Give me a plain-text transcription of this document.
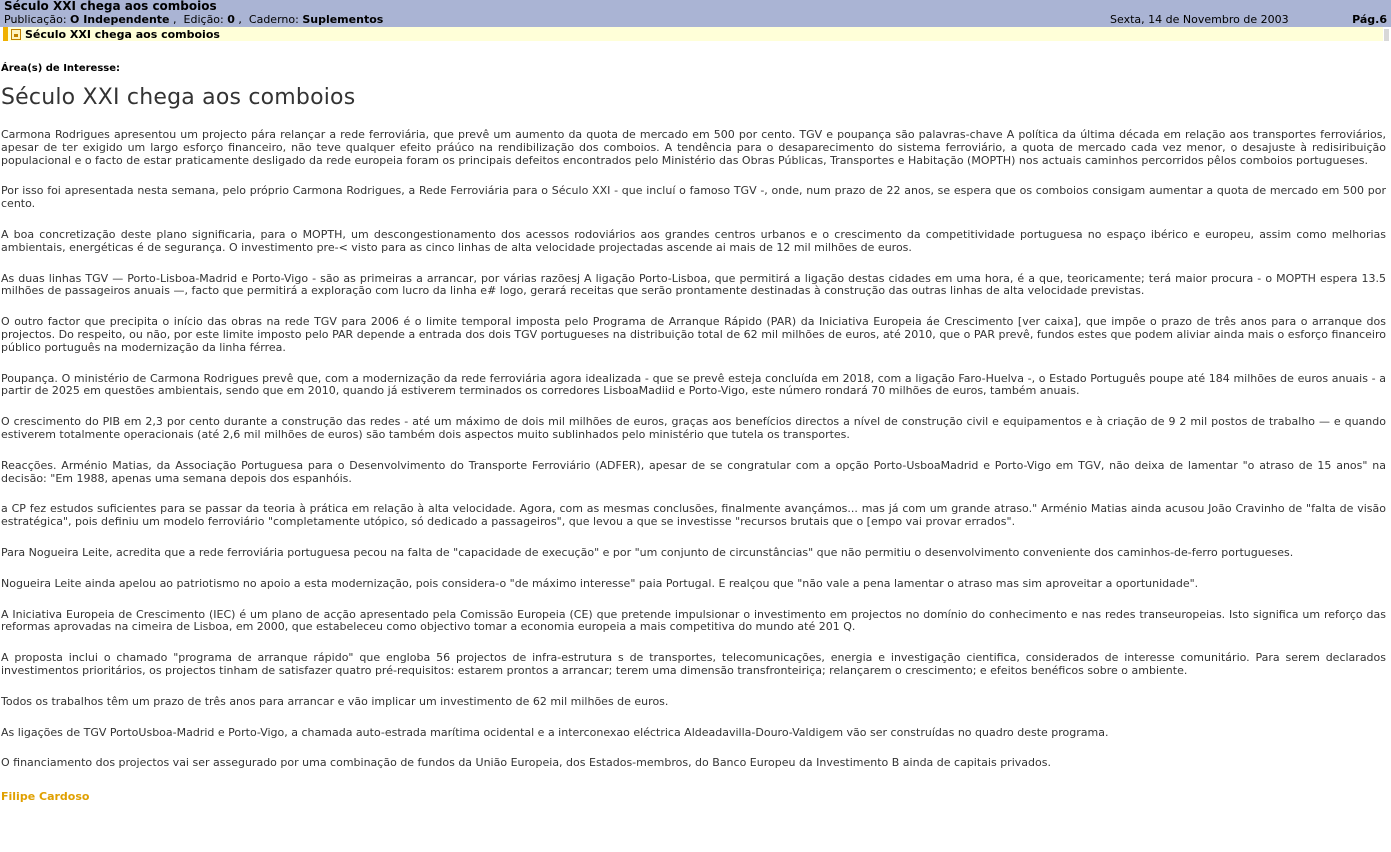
Século XXI chega aos comboios
Publicação: O Independente ,  Edição: 0 ,  Caderno: Suplementos	Sexta, 14 de Novembro de 2003	Pág.6
Século XXI chega aos comboios
Área(s) de Interesse:
Século XXI chega aos comboios

Carmona Rodrigues apresentou um projecto pára relançar a rede ferroviária, que prevê um aumento da quota de mercado em 500 por cento. TGV e poupança são palavras-chave A política da última década em relação aos transportes ferroviários, apesar de ter exigido um largo esforço financeiro, não teve qualquer efeito práúco na rendibilização dos comboios. A tendência para o desaparecimento do sistema ferroviário, a quota de mercado cada vez menor, o desajuste à redisiribuição populacional e o facto de estar praticamente desligado da rede europeia foram os principais defeitos encontrados pelo Ministério das Obras Públicas, Transportes e Habitação (MOPTH) nos actuais caminhos percorridos pêlos comboios portugueses.

Por isso foi apresentada nesta semana, pelo próprio Carmona Rodrigues, a Rede Ferroviária para o Século XXI - que incluí o famoso TGV -, onde, num prazo de 22 anos, se espera que os comboios consigam aumentar a quota de mercado em 500 por cento.

A boa concretização deste plano significaria, para o MOPTH, um descongestionamento dos acessos rodoviários aos grandes centros urbanos e o crescimento da competitividade portuguesa no espaço ibérico e europeu, assim como melhorias ambientais, energéticas é de segurança. O investimento pre-< visto para as cinco linhas de alta velocidade projectadas ascende ai mais de 12 mil milhões de euros.

As duas linhas TGV — Porto-Lisboa-Madrid e Porto-Vigo - são as primeiras a arrancar, por várias razõesj A ligação Porto-Lisboa, que permitirá a ligação destas cidades em uma hora, é a que, teoricamente; terá maior procura - o MOPTH espera 13.5 milhões de passageiros anuais —, facto que permitirá a exploração com lucro da linha e# logo, gerará receitas que serão prontamente destinadas à construção das outras linhas de alta velocidade previstas.

O outro factor que precipita o início das obras na rede TGV para 2006 é o limite temporal imposta pelo Programa de Arranque Rápido (PAR) da Iniciativa Europeia áe Crescimento [ver caixa], que impõe o prazo de três anos para o arranque dos projectos. Do respeito, ou não, por este limite imposto pelo PAR depende a entrada dos dois TGV portugueses na distribuição total de 62 mil milhões de euros, até 2010, que o PAR prevê, fundos estes que podem aliviar ainda mais o esforço financeiro público português na modernização da linha férrea.

Poupança. O ministério de Carmona Rodrigues prevê que, com a modernização da rede ferroviária agora idealizada - que se prevê esteja concluída em 2018, com a ligação Faro-Huelva -, o Estado Português poupe até 184 milhões de euros anuais - a partir de 2025 em questões ambientais, sendo que em 2010, quando já estiverem terminados os corredores LisboaMadiid e Porto-Vigo, este número rondará 70 milhões de euros, também anuais.

O crescimento do PIB em 2,3 por cento durante a construção das redes - até um máximo de dois mil milhões de euros, graças aos benefícios directos a nível de construção civil e equipamentos e à criação de 9 2 mil postos de trabalho — e quando estiverem totalmente operacionais (até 2,6 mil milhões de euros) são também dois aspectos muito sublinhados pelo ministério que tutela os transportes.

Reacções. Arménio Matias, da Associação Portuguesa para o Desenvolvimento do Transporte Ferroviário (ADFER), apesar de se congratular com a opção Porto-UsboaMadrid e Porto-Vigo em TGV, não deixa de lamentar "o atraso de 15 anos" na decisão: "Em 1988, apenas uma semana depois dos espanhóis.

a CP fez estudos suficientes para se passar da teoria à prática em relação à alta velocidade. Agora, com as mesmas conclusões, finalmente avançámos... mas já com um grande atraso." Arménio Matias ainda acusou João Cravinho de "falta de visão estratégica", pois definiu um modelo ferroviário "completamente utópico, só dedicado a passageiros", que levou a que se investisse "recursos brutais que o [empo vai provar errados".

Para Nogueira Leite, acredita que a rede ferroviária portuguesa pecou na falta de "capacidade de execução" e por "um conjunto de circunstâncias" que não permitiu o desenvolvimento conveniente dos caminhos-de-ferro portugueses.

Nogueira Leite ainda apelou ao patriotismo no apoio a esta modernização, pois considera-o "de máximo interesse" paia Portugal. E realçou que "não vale a pena lamentar o atraso mas sim aproveitar a oportunidade".

A Iniciativa Europeia de Crescimento (IEC) é um plano de acção apresentado pela Comissão Europeia (CE) que pretende impulsionar o investimento em projectos no domínio do conhecimento e nas redes transeuropeias. Isto significa um reforço das reformas aprovadas na cimeira de Lisboa, em 2000, que estabeleceu como objectivo tomar a economia europeia a mais competitiva do mundo até 201 Q.

A proposta inclui o chamado "programa de arranque rápido" que engloba 56 projectos de infra-estrutura s de transportes, telecomunicações, energia e investigação cientifica, considerados de interesse comunitário. Para serem declarados investimentos prioritários, os projectos tinham de satisfazer quatro pré-requisitos: estarem prontos a arrancar; terem uma dimensão transfronteiriça; relançarem o crescimento; e efeitos benéficos sobre o ambiente.

Todos os trabalhos têm um prazo de três anos para arrancar e vão implicar um investimento de 62 mil milhões de euros.

As ligações de TGV PortoUsboa-Madrid e Porto-Vigo, a chamada auto-estrada marítima ocidental e a interconexao eléctrica Aldeadavilla-Douro-Valdigem vão ser construídas no quadro deste programa.

O financiamento dos projectos vai ser assegurado por uma combinação de fundos da União Europeia, dos Estados-membros, do Banco Europeu da Investimento B ainda de capitais privados.

Filipe Cardoso
